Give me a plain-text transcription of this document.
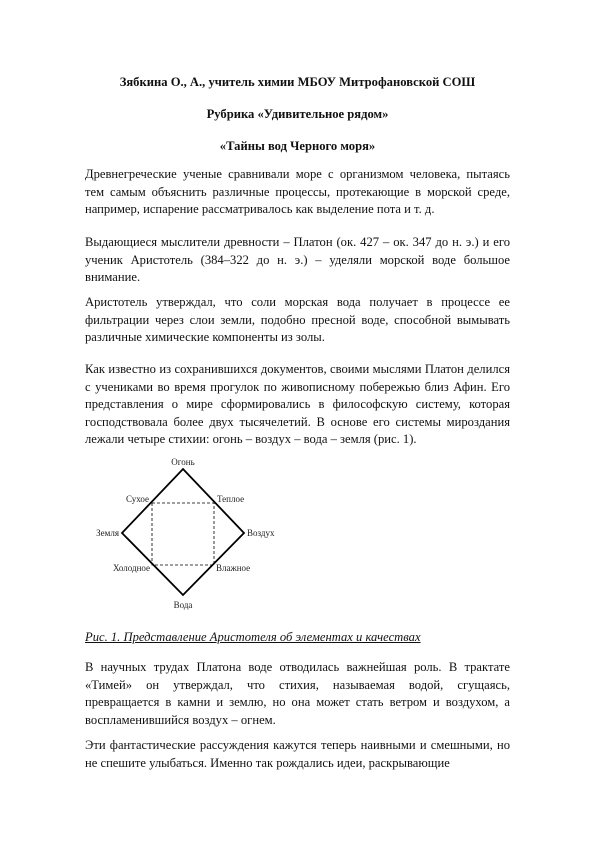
Зябкина О., А., учитель химии МБОУ Митрофановской СОШ
Рубрика «Удивительное рядом»
«Тайны вод Черного моря»

Древнегреческие ученые сравнивали море с организмом человека, пытаясь тем самым объяснить различные процессы, протекающие в морской среде, например, испарение рассматривалось как выделение пота и т. д.

Выдающиеся мыслители древности – Платон (ок. 427 – ок. 347 до н. э.) и его ученик Аристотель (384–322 до н. э.) – уделяли морской воде большое внимание.

Аристотель утверждал, что соли морская вода получает в процессе ее фильтрации через слои земли, подобно пресной воде, способной вымывать различные химические компоненты из золы.

Как известно из сохранившихся документов, своими мыслями Платон делился с учениками во время прогулок по живописному побережью близ Афин. Его представления о мире сформировались в философскую систему, которая господствовала более двух тысячелетий. В основе его системы мироздания лежали четыре стихии: огонь – воздух – вода – земля (рис. 1).

Огонь
Вода
Земля	Воздух
Сухое	Теплое
Холодное	Влажное
Рис. 1. Представление Аристотеля об элементах и качествах

В научных трудах Платона воде отводилась важнейшая роль. В трактате «Тимей» он утверждал, что стихия, называемая водой, сгущаясь, превращается в камни и землю, но она может стать ветром и воздухом, а воспламенившийся воздух – огнем.

Эти фантастические рассуждения кажутся теперь наивными и смешными, но не спешите улыбаться. Именно так рождались идеи, раскрывающие
